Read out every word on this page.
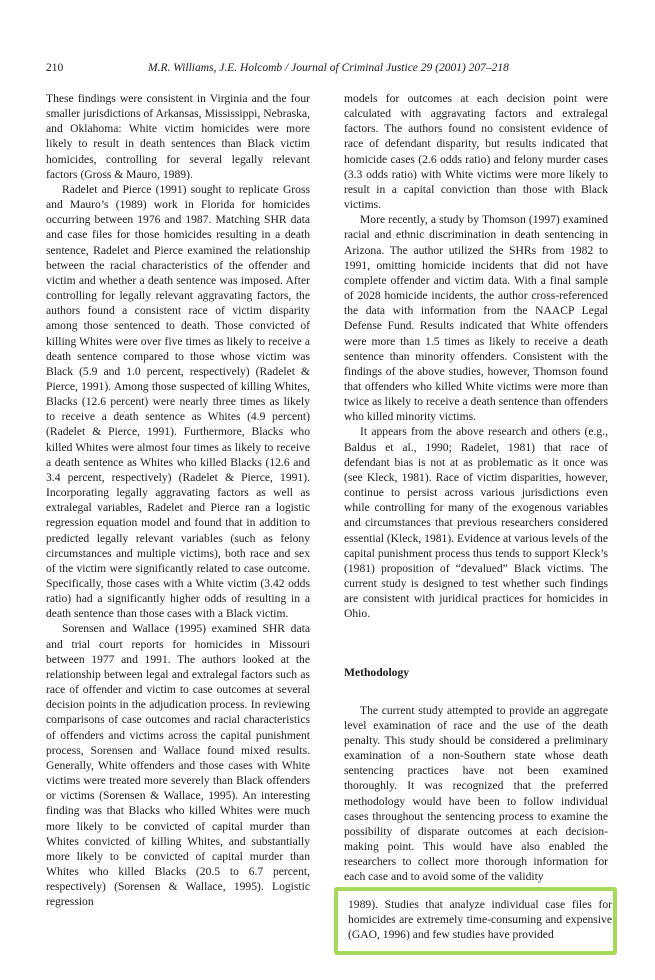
210	M.R. Williams, J.E. Holcomb / Journal of Criminal Justice 29 (2001) 207–218

These findings were consistent in Virginia and the four smaller jurisdictions of Arkansas, Mississippi, Nebraska, and Oklahoma: White victim homicides were more likely to result in death sentences than Black victim homicides, controlling for several legally relevant factors (Gross & Mauro, 1989).

Radelet and Pierce (1991) sought to replicate Gross and Mauro’s (1989) work in Florida for homicides occurring between 1976 and 1987. Matching SHR data and case files for those homicides resulting in a death sentence, Radelet and Pierce examined the relationship between the racial characteristics of the offender and victim and whether a death sentence was imposed. After controlling for legally relevant aggravating factors, the authors found a consistent race of victim disparity among those sentenced to death. Those convicted of killing Whites were over five times as likely to receive a death sentence compared to those whose victim was Black (5.9 and 1.0 percent, respectively) (Radelet & Pierce, 1991). Among those suspected of killing Whites, Blacks (12.6 percent) were nearly three times as likely to receive a death sentence as Whites (4.9 percent) (Radelet & Pierce, 1991). Furthermore, Blacks who killed Whites were almost four times as likely to receive a death sentence as Whites who killed Blacks (12.6 and 3.4 percent, respectively) (Radelet & Pierce, 1991). Incorporating legally aggravating factors as well as extralegal variables, Radelet and Pierce ran a logistic regression equation model and found that in addition to predicted legally relevant variables (such as felony circumstances and multiple victims), both race and sex of the victim were significantly related to case outcome. Specifically, those cases with a White victim (3.42 odds ratio) had a significantly higher odds of resulting in a death sentence than those cases with a Black victim.

Sorensen and Wallace (1995) examined SHR data and trial court reports for homicides in Missouri between 1977 and 1991. The authors looked at the relationship between legal and extralegal factors such as race of offender and victim to case outcomes at several decision points in the adjudication process. In reviewing comparisons of case outcomes and racial characteristics of offenders and victims across the capital punishment process, Sorensen and Wallace found mixed results. Generally, White offenders and those cases with White victims were treated more severely than Black offenders or victims (Sorensen & Wallace, 1995). An interesting finding was that Blacks who killed Whites were much more likely to be convicted of capital murder than Whites convicted of killing Whites, and substantially more likely to be convicted of capital murder than Whites who killed Blacks (20.5 to 6.7 percent, respectively) (Sorensen & Wallace, 1995). Logistic regression

models for outcomes at each decision point were calculated with aggravating factors and extralegal factors. The authors found no consistent evidence of race of defendant disparity, but results indicated that homicide cases (2.6 odds ratio) and felony murder cases (3.3 odds ratio) with White victims were more likely to result in a capital conviction than those with Black victims.

More recently, a study by Thomson (1997) examined racial and ethnic discrimination in death sentencing in Arizona. The author utilized the SHRs from 1982 to 1991, omitting homicide incidents that did not have complete offender and victim data. With a final sample of 2028 homicide incidents, the author cross-referenced the data with information from the NAACP Legal Defense Fund. Results indicated that White offenders were more than 1.5 times as likely to receive a death sentence than minority offenders. Consistent with the findings of the above studies, however, Thomson found that offenders who killed White victims were more than twice as likely to receive a death sentence than offenders who killed minority victims.

It appears from the above research and others (e.g., Baldus et al., 1990; Radelet, 1981) that race of defendant bias is not at as problematic as it once was (see Kleck, 1981). Race of victim disparities, however, continue to persist across various jurisdictions even while controlling for many of the exogenous variables and circumstances that previous researchers considered essential (Kleck, 1981). Evidence at various levels of the capital punishment process thus tends to support Kleck’s (1981) proposition of “devalued” Black victims. The current study is designed to test whether such findings are consistent with juridical practices for homicides in Ohio.

Methodology

The current study attempted to provide an aggregate level examination of race and the use of the death penalty. This study should be considered a preliminary examination of a non-Southern state whose death sentencing practices have not been examined thoroughly. It was recognized that the preferred methodology would have been to follow individual cases throughout the sentencing process to examine the possibility of disparate outcomes at each decision-making point. This would have also enabled the researchers to collect more thorough information for each case and to avoid some of the validity

1989). Studies that analyze individual case files for homicides are extremely time-consuming and expensive (GAO, 1996) and few studies have provided
